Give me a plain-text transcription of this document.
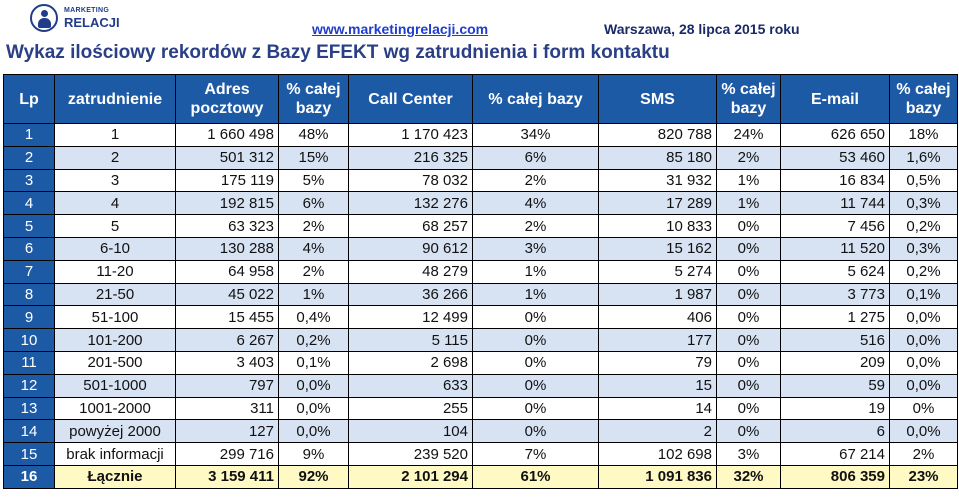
MARKETING
RELACJI	www.marketingrelacji.com	Warszawa, 28 lipca 2015 roku
Wykaz ilościowy rekordów z Bazy EFEKT wg zatrudnienia i form kontaktu
Lp	zatrudnienie	Adres pocztowy	% całej bazy	Call Center	% całej bazy	SMS	% całej bazy	E-mail	% całej bazy
1	1	1 660 498	48%	1 170 423	34%	820 788	24%	626 650	18%
2	2	501 312	15%	216 325	6%	85 180	2%	53 460	1,6%
3	3	175 119	5%	78 032	2%	31 932	1%	16 834	0,5%
4	4	192 815	6%	132 276	4%	17 289	1%	11 744	0,3%
5	5	63 323	2%	68 257	2%	10 833	0%	7 456	0,2%
6	6-10	130 288	4%	90 612	3%	15 162	0%	11 520	0,3%
7	11-20	64 958	2%	48 279	1%	5 274	0%	5 624	0,2%
8	21-50	45 022	1%	36 266	1%	1 987	0%	3 773	0,1%
9	51-100	15 455	0,4%	12 499	0%	406	0%	1 275	0,0%
10	101-200	6 267	0,2%	5 115	0%	177	0%	516	0,0%
11	201-500	3 403	0,1%	2 698	0%	79	0%	209	0,0%
12	501-1000	797	0,0%	633	0%	15	0%	59	0,0%
13	1001-2000	311	0,0%	255	0%	14	0%	19	0%
14	powyżej 2000	127	0,0%	104	0%	2	0%	6	0,0%
15	brak informacji	299 716	9%	239 520	7%	102 698	3%	67 214	2%
16	Łącznie	3 159 411	92%	2 101 294	61%	1 091 836	32%	806 359	23%
